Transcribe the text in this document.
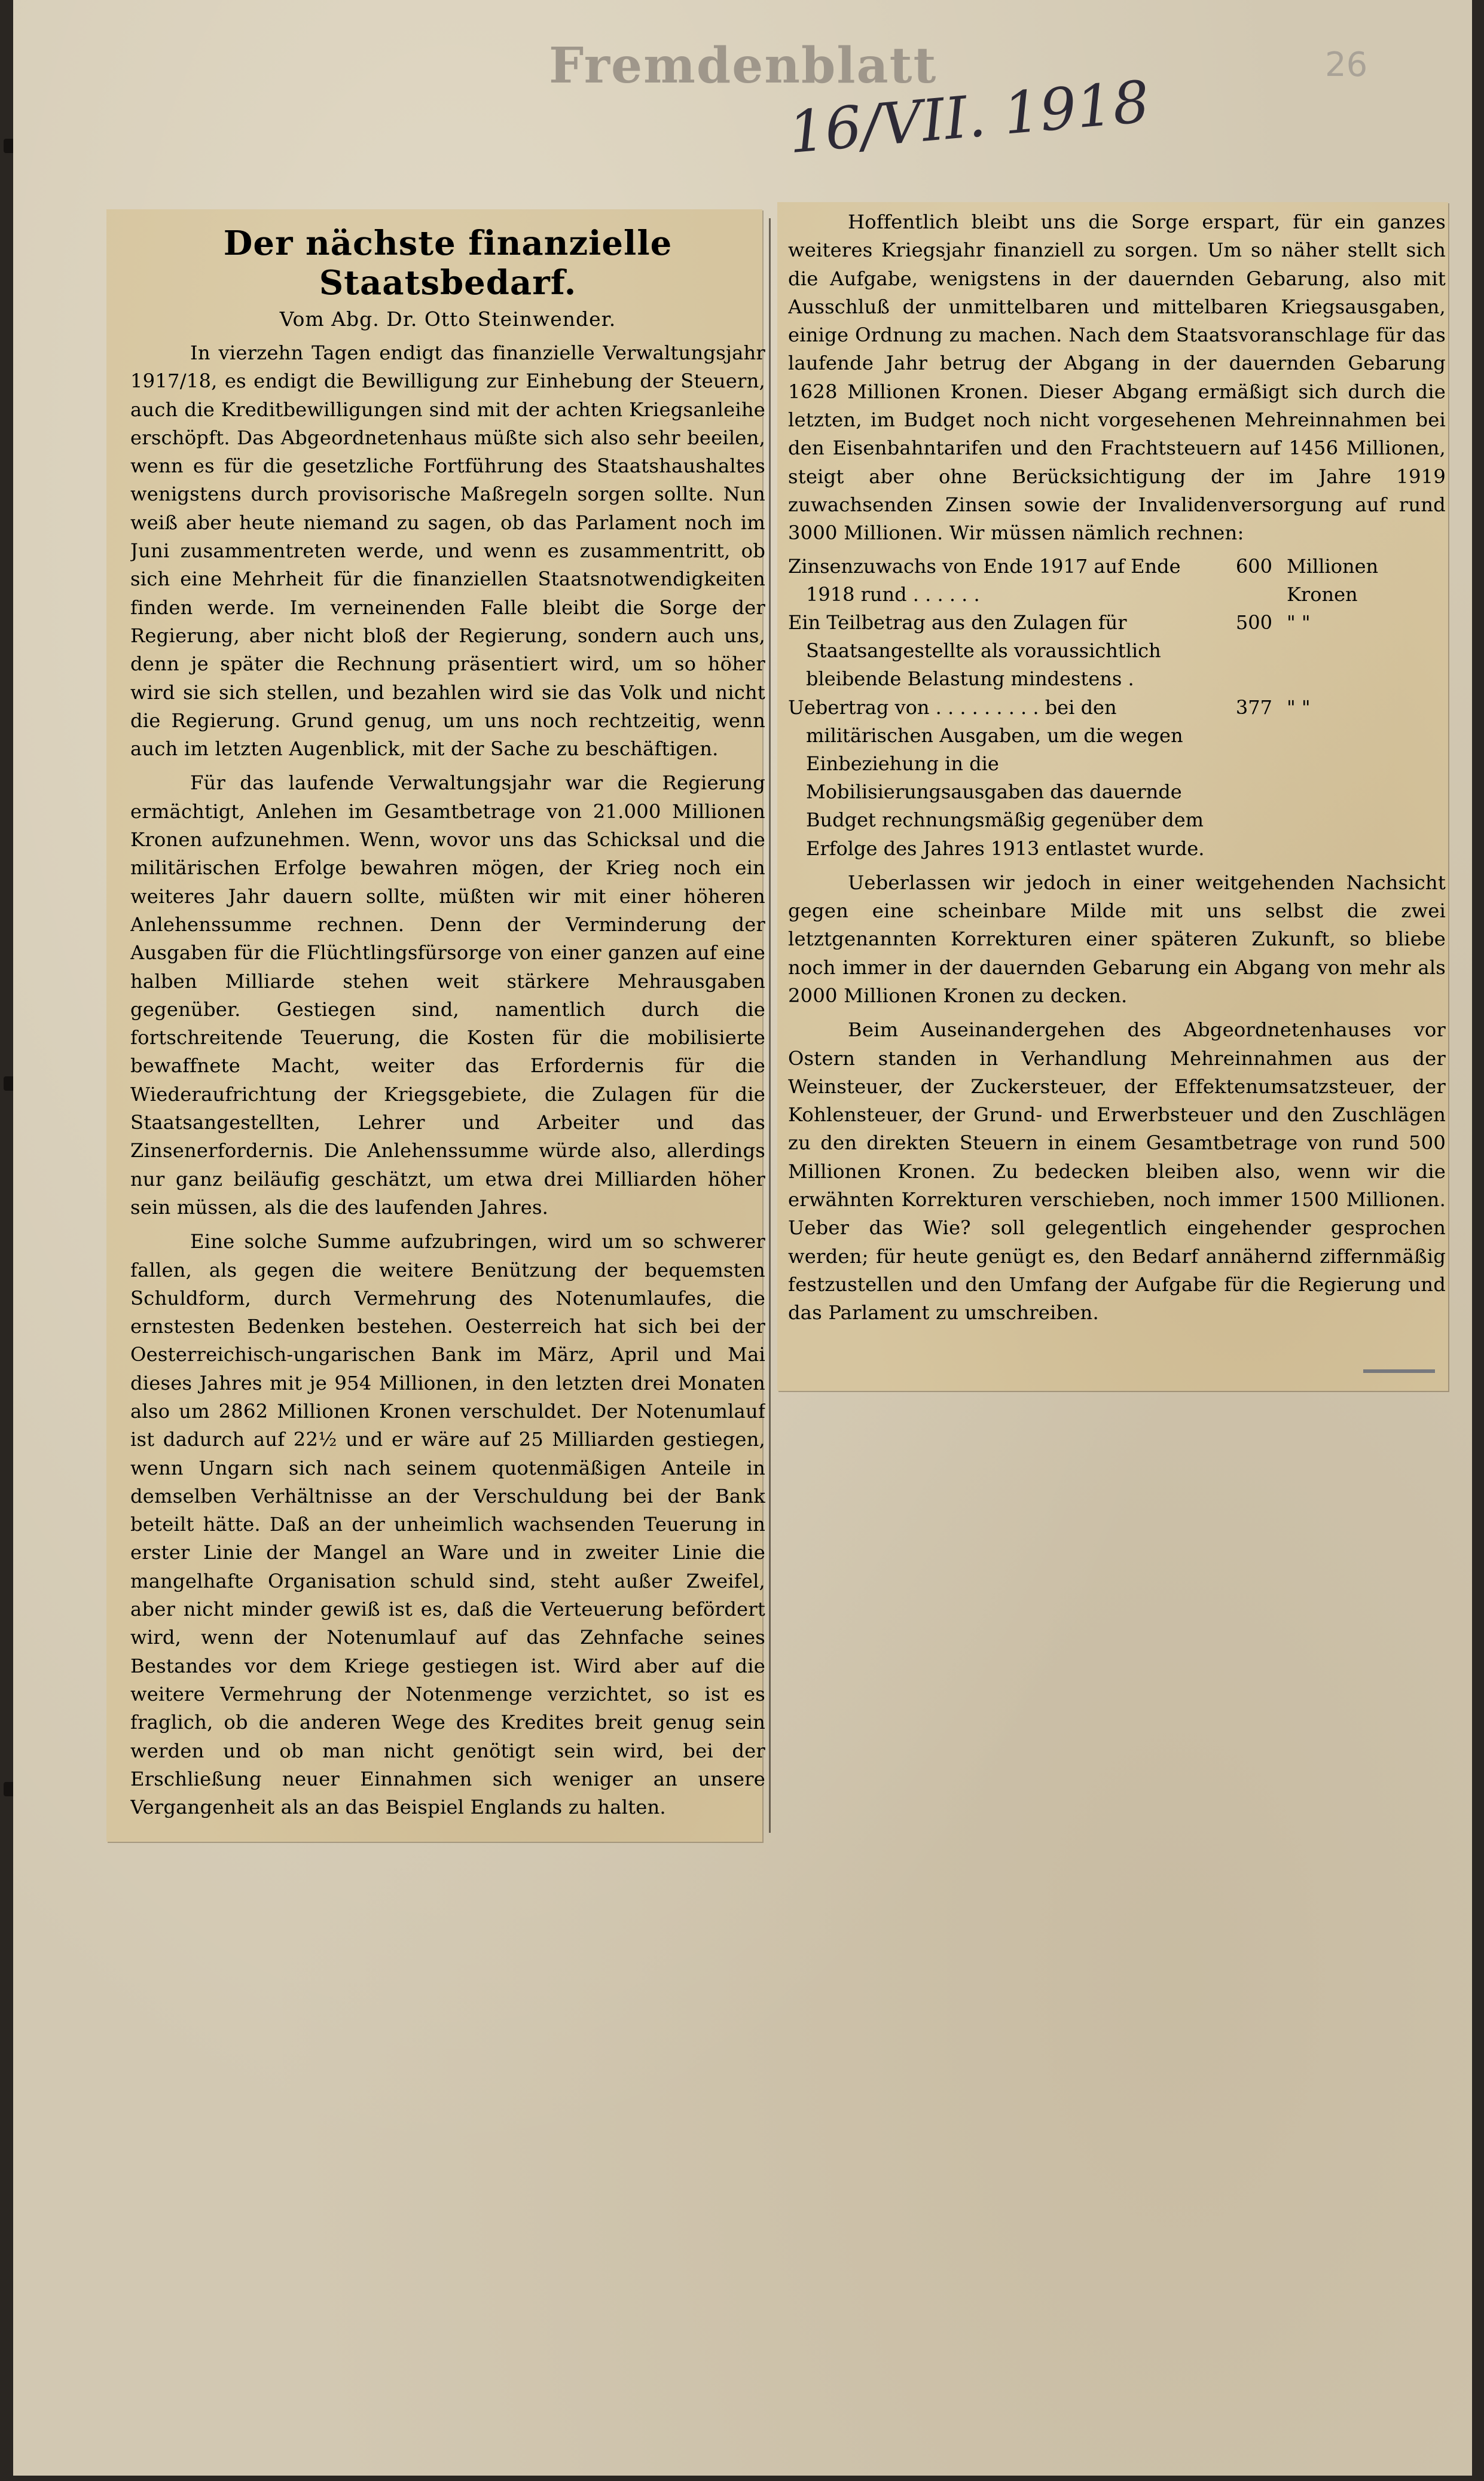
Fremdenblatt
16/VII. 1918
26
Der nächste finanzielle Staatsbedarf.
Vom Abg. Dr. Otto Steinwender.

In vierzehn Tagen endigt das finanzielle Verwaltungsjahr 1917/18, es endigt die Bewilligung zur Einhebung der Steuern, auch die Kreditbewilligungen sind mit der achten Kriegsanleihe erschöpft. Das Abgeordnetenhaus müßte sich also sehr beeilen, wenn es für die gesetzliche Fortführung des Staatshaushaltes wenigstens durch provisorische Maßregeln sorgen sollte. Nun weiß aber heute niemand zu sagen, ob das Parlament noch im Juni zusammentreten werde, und wenn es zusammentritt, ob sich eine Mehrheit für die finanziellen Staatsnotwendigkeiten finden werde. Im verneinenden Falle bleibt die Sorge der Regierung, aber nicht bloß der Regierung, sondern auch uns, denn je später die Rechnung präsentiert wird, um so höher wird sie sich stellen, und bezahlen wird sie das Volk und nicht die Regierung. Grund genug, um uns noch rechtzeitig, wenn auch im letzten Augenblick, mit der Sache zu beschäftigen.

Für das laufende Verwaltungsjahr war die Regierung ermächtigt, Anlehen im Gesamtbetrage von 21.000 Millionen Kronen aufzunehmen. Wenn, wovor uns das Schicksal und die militärischen Erfolge bewahren mögen, der Krieg noch ein weiteres Jahr dauern sollte, müßten wir mit einer höheren Anlehenssumme rechnen. Denn der Verminderung der Ausgaben für die Flüchtlingsfürsorge von einer ganzen auf eine halben Milliarde stehen weit stärkere Mehrausgaben gegenüber. Gestiegen sind, namentlich durch die fortschreitende Teuerung, die Kosten für die mobilisierte bewaffnete Macht, weiter das Erfordernis für die Wiederaufrichtung der Kriegsgebiete, die Zulagen für die Staatsangestellten, Lehrer und Arbeiter und das Zinsenerfordernis. Die Anlehenssumme würde also, allerdings nur ganz beiläufig geschätzt, um etwa drei Milliarden höher sein müssen, als die des laufenden Jahres.

Eine solche Summe aufzubringen, wird um so schwerer fallen, als gegen die weitere Benützung der bequemsten Schuldform, durch Vermehrung des Notenumlaufes, die ernstesten Bedenken bestehen. Oesterreich hat sich bei der Oesterreichisch-ungarischen Bank im März, April und Mai dieses Jahres mit je 954 Millionen, in den letzten drei Monaten also um 2862 Millionen Kronen verschuldet. Der Notenumlauf ist dadurch auf 22½ und er wäre auf 25 Milliarden gestiegen, wenn Ungarn sich nach seinem quotenmäßigen Anteile in demselben Verhältnisse an der Verschuldung bei der Bank beteilt hätte. Daß an der unheimlich wachsenden Teuerung in erster Linie der Mangel an Ware und in zweiter Linie die mangelhafte Organisation schuld sind, steht außer Zweifel, aber nicht minder gewiß ist es, daß die Verteuerung befördert wird, wenn der Notenumlauf auf das Zehnfache seines Bestandes vor dem Kriege gestiegen ist. Wird aber auf die weitere Vermehrung der Notenmenge verzichtet, so ist es fraglich, ob die anderen Wege des Kredites breit genug sein werden und ob man nicht genötigt sein wird, bei der Erschließung neuer Einnahmen sich weniger an unsere Vergangenheit als an das Beispiel Englands zu halten.

Hoffentlich bleibt uns die Sorge erspart, für ein ganzes weiteres Kriegsjahr finanziell zu sorgen. Um so näher stellt sich die Aufgabe, wenigstens in der dauernden Gebarung, also mit Ausschluß der unmittelbaren und mittelbaren Kriegsausgaben, einige Ordnung zu machen. Nach dem Staatsvoranschlage für das laufende Jahr betrug der Abgang in der dauernden Gebarung 1628 Millionen Kronen. Dieser Abgang ermäßigt sich durch die letzten, im Budget noch nicht vorgesehenen Mehreinnahmen bei den Eisenbahntarifen und den Frachtsteuern auf 1456 Millionen, steigt aber ohne Berücksichtigung der im Jahre 1919 zuwachsenden Zinsen sowie der Invalidenversorgung auf rund 3000 Millionen. Wir müssen nämlich rechnen:

Zinsenzuwachs von Ende 1917 auf Ende 1918 rund . . . . . .
600 Millionen Kronen
Ein Teilbetrag aus den Zulagen für Staatsangestellte als voraussichtlich bleibende Belastung mindestens .
500 " "
Uebertrag von . . . . . . . . . bei den militärischen Ausgaben, um die wegen Einbeziehung in die Mobilisierungsausgaben das dauernde Budget rechnungsmäßig gegenüber dem Erfolge des Jahres 1913 entlastet wurde.
377 " "

Ueberlassen wir jedoch in einer weitgehenden Nachsicht gegen eine scheinbare Milde mit uns selbst die zwei letztgenannten Korrekturen einer späteren Zukunft, so bliebe noch immer in der dauernden Gebarung ein Abgang von mehr als 2000 Millionen Kronen zu decken.

Beim Auseinandergehen des Abgeordnetenhauses vor Ostern standen in Verhandlung Mehreinnahmen aus der Weinsteuer, der Zuckersteuer, der Effektenumsatzsteuer, der Kohlensteuer, der Grund- und Erwerbsteuer und den Zuschlägen zu den direkten Steuern in einem Gesamtbetrage von rund 500 Millionen Kronen. Zu bedecken bleiben also, wenn wir die erwähnten Korrekturen verschieben, noch immer 1500 Millionen. Ueber das Wie? soll gelegentlich eingehender gesprochen werden; für heute genügt es, den Bedarf annähernd ziffernmäßig festzustellen und den Umfang der Aufgabe für die Regierung und das Parlament zu umschreiben.
